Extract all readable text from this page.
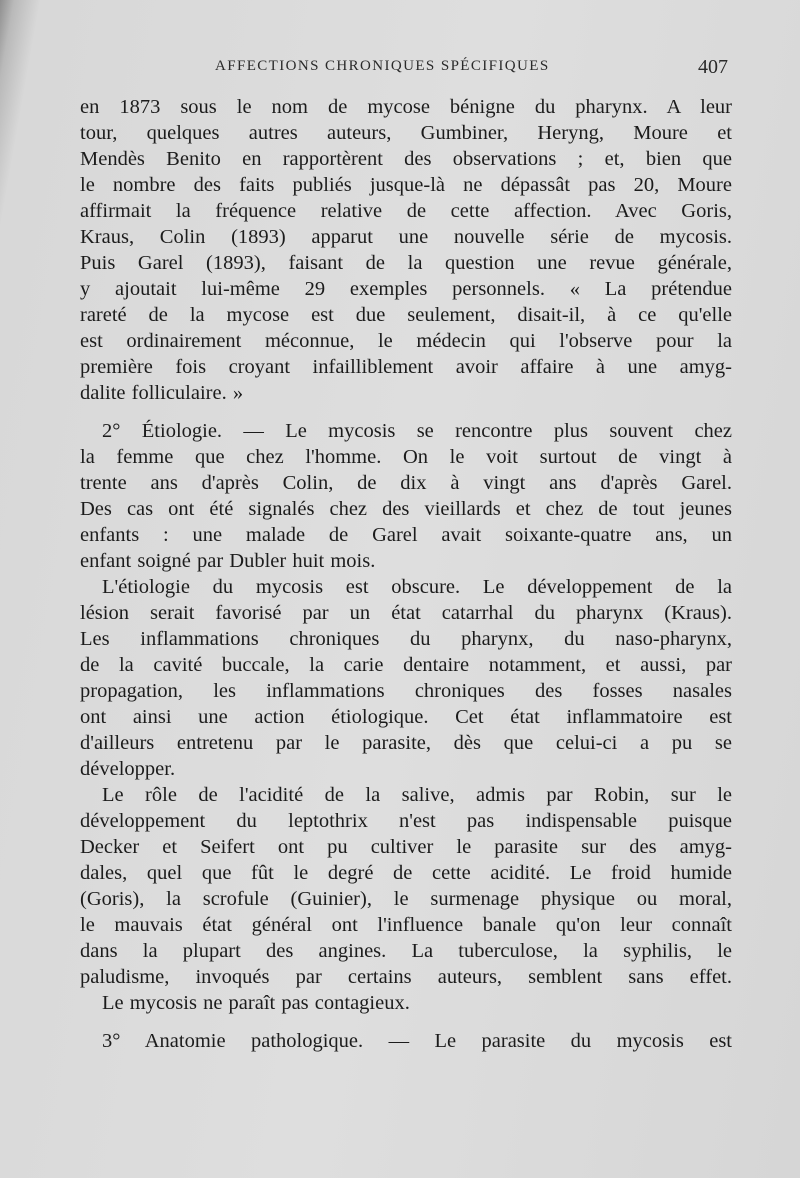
AFFECTIONS CHRONIQUES SPÉCIFIQUES	407
en 1873 sous le nom de mycose bénigne du pharynx. A leur
tour, quelques autres auteurs, Gumbiner, Heryng, Moure et
Mendès Benito en rapportèrent des observations ; et, bien que
le nombre des faits publiés jusque-là ne dépassât pas 20, Moure
affirmait la fréquence relative de cette affection. Avec Goris,
Kraus, Colin (1893) apparut une nouvelle série de mycosis.
Puis Garel (1893), faisant de la question une revue générale,
y ajoutait lui-même 29 exemples personnels. « La prétendue
rareté de la mycose est due seulement, disait-il, à ce qu'elle
est ordinairement méconnue, le médecin qui l'observe pour la
première fois croyant infailliblement avoir affaire à une amyg-
dalite folliculaire. »
2° Étiologie. — Le mycosis se rencontre plus souvent chez
la femme que chez l'homme. On le voit surtout de vingt à
trente ans d'après Colin, de dix à vingt ans d'après Garel.
Des cas ont été signalés chez des vieillards et chez de tout jeunes
enfants : une malade de Garel avait soixante-quatre ans, un
enfant soigné par Dubler huit mois.
L'étiologie du mycosis est obscure. Le développement de la
lésion serait favorisé par un état catarrhal du pharynx (Kraus).
Les inflammations chroniques du pharynx, du naso-pharynx,
de la cavité buccale, la carie dentaire notamment, et aussi, par
propagation, les inflammations chroniques des fosses nasales
ont ainsi une action étiologique. Cet état inflammatoire est
d'ailleurs entretenu par le parasite, dès que celui-ci a pu se
développer.
Le rôle de l'acidité de la salive, admis par Robin, sur le
développement du leptothrix n'est pas indispensable puisque
Decker et Seifert ont pu cultiver le parasite sur des amyg-
dales, quel que fût le degré de cette acidité. Le froid humide
(Goris), la scrofule (Guinier), le surmenage physique ou moral,
le mauvais état général ont l'influence banale qu'on leur connaît
dans la plupart des angines. La tuberculose, la syphilis, le
paludisme, invoqués par certains auteurs, semblent sans effet.
Le mycosis ne paraît pas contagieux.
3° Anatomie pathologique. — Le parasite du mycosis est
